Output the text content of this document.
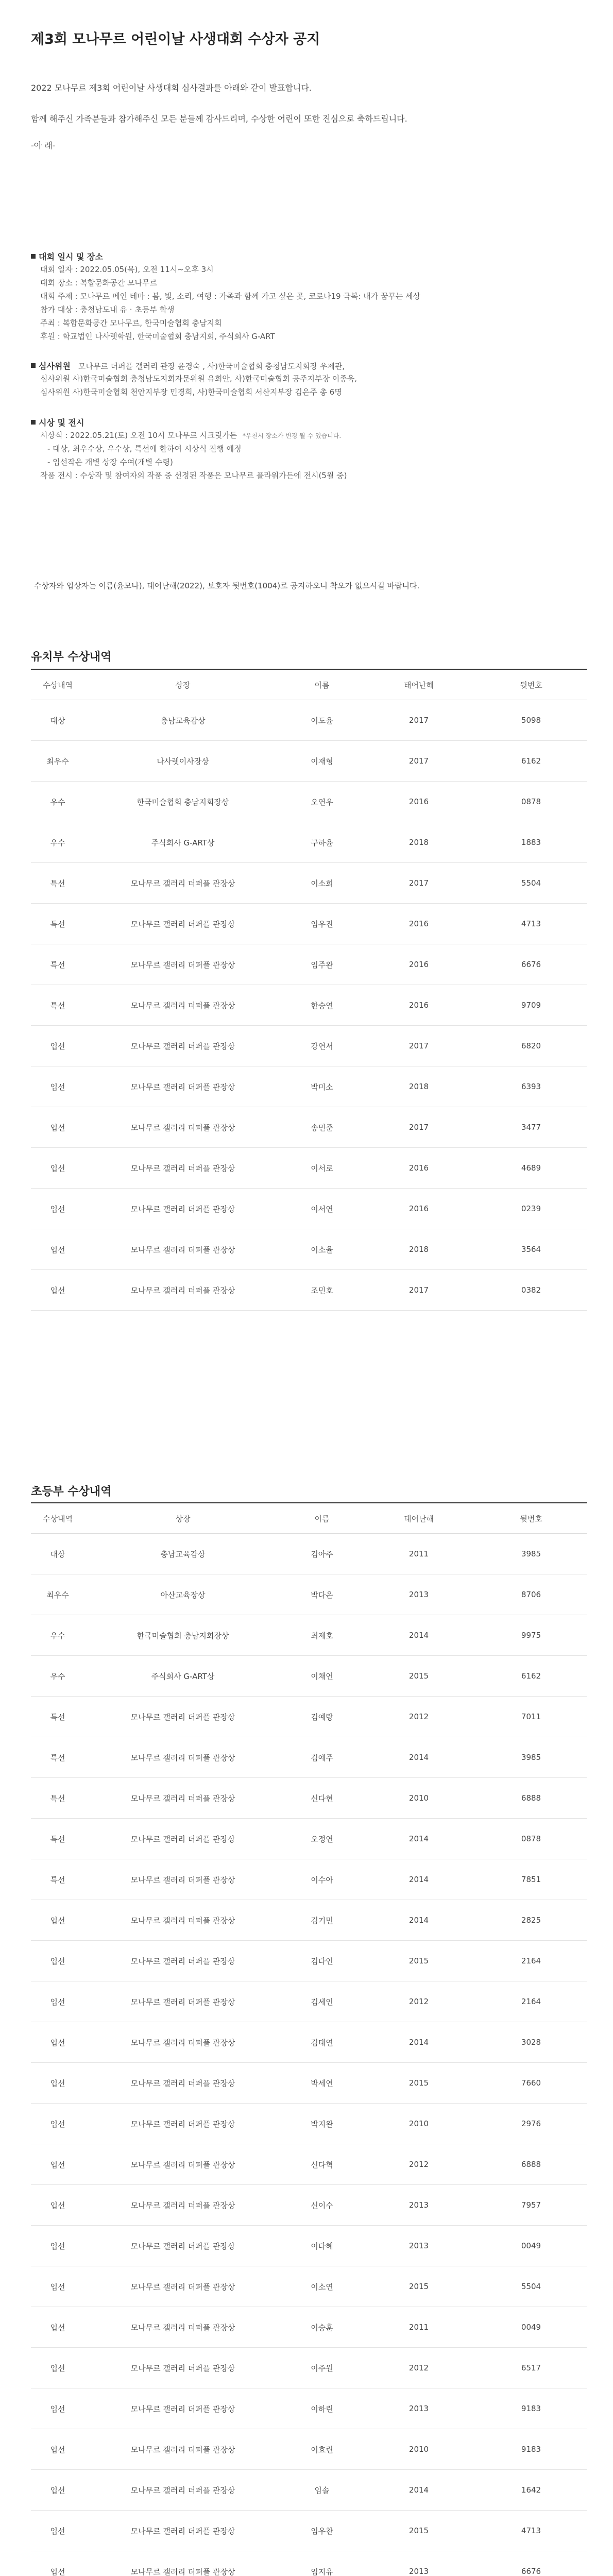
제3회 모나무르 어린이날 사생대회 수상자 공지

2022 모나무르 제3회 어린이날 사생대회 심사결과를 아래와 같이 발표합니다.

함께 해주신 가족분들과 참가해주신 모든 분들께 감사드리며, 수상한 어린이 또한 진심으로 축하드립니다.

-아 래-

대회 일시 및 장소

대회 일자 : 2022.05.05(목), 오전 11시~오후 3시

대회 장소 : 복합문화공간 모나무르

대회 주제 : 모나무르 메인 테마 : 봄, 빛, 소리, 여행 : 가족과 함께 가고 싶은 곳, 코로나19 극복: 내가 꿈꾸는 세상

참가 대상 : 충청남도내 유 · 초등부 학생

주최 : 복합문화공간 모나무르, 한국미술협회 충남지회

후원 : 학교법인 나사렛학원, 한국미술협회 충남지회, 주식회사 G-ART

심사위원 모나무르 더퍼플 갤러리 관장 윤경숙 , 사)한국미술협회 충청남도지회장 우제관,

심사위원 사)한국미술협회 충청남도지회자문위원 유희안, 사)한국미술협회 공주지부장 이종욱,

심사위원 사)한국미술협회 천안지부장 민경희, 사)한국미술협회 서산지부장 김은주 총 6명

시상 및 전시

시상식 : 2022.05.21(토) 오전 10시 모나무르 시크릿가든 *우천시 장소가 변경 될 수 있습니다.

- 대상, 최우수상, 우수상, 특선에 한하여 시상식 진행 예정

- 입선작은 개별 상장 수여(개별 수령)

작품 전시 : 수상작 및 참여자의 작품 중 선정된 작품은 모나무르 플라워가든에 전시(5월 중)

수상자와 입상자는 이름(윤모나), 태어난해(2022), 보호자 뒷번호(1004)로 공지하오니 착오가 없으시길 바랍니다.

유치부 수상내역
수상내역	상장	이름	태어난해	뒷번호
대상	충남교육감상	이도윤	2017	5098
최우수	나사렛이사장상	이재형	2017	6162
우수	한국미술협회 충남지회장상	오연우	2016	0878
우수	주식회사 G-ART상	구하윤	2018	1883
특선	모나무르 갤러리 더퍼플 관장상	이소희	2017	5504
특선	모나무르 갤러리 더퍼플 관장상	임우진	2016	4713
특선	모나무르 갤러리 더퍼플 관장상	임주완	2016	6676
특선	모나무르 갤러리 더퍼플 관장상	한승연	2016	9709
입선	모나무르 갤러리 더퍼플 관장상	강연서	2017	6820
입선	모나무르 갤러리 더퍼플 관장상	박미소	2018	6393
입선	모나무르 갤러리 더퍼플 관장상	송민준	2017	3477
입선	모나무르 갤러리 더퍼플 관장상	이서로	2016	4689
입선	모나무르 갤러리 더퍼플 관장상	이서연	2016	0239
입선	모나무르 갤러리 더퍼플 관장상	이소율	2018	3564
입선	모나무르 갤러리 더퍼플 관장상	조민호	2017	0382
초등부 수상내역
수상내역	상장	이름	태어난해	뒷번호
대상	충남교육감상	김아주	2011	3985
최우수	아산교육장상	박다은	2013	8706
우수	한국미술협회 충남지회장상	최제호	2014	9975
우수	주식회사 G-ART상	이채언	2015	6162
특선	모나무르 갤러리 더퍼플 관장상	김예랑	2012	7011
특선	모나무르 갤러리 더퍼플 관장상	김예주	2014	3985
특선	모나무르 갤러리 더퍼플 관장상	신다현	2010	6888
특선	모나무르 갤러리 더퍼플 관장상	오정연	2014	0878
특선	모나무르 갤러리 더퍼플 관장상	이수아	2014	7851
입선	모나무르 갤러리 더퍼플 관장상	김기민	2014	2825
입선	모나무르 갤러리 더퍼플 관장상	김다인	2015	2164
입선	모나무르 갤러리 더퍼플 관장상	김세인	2012	2164
입선	모나무르 갤러리 더퍼플 관장상	김태연	2014	3028
입선	모나무르 갤러리 더퍼플 관장상	박세연	2015	7660
입선	모나무르 갤러리 더퍼플 관장상	박지완	2010	2976
입선	모나무르 갤러리 더퍼플 관장상	신다혁	2012	6888
입선	모나무르 갤러리 더퍼플 관장상	신이수	2013	7957
입선	모나무르 갤러리 더퍼플 관장상	이다혜	2013	0049
입선	모나무르 갤러리 더퍼플 관장상	이소연	2015	5504
입선	모나무르 갤러리 더퍼플 관장상	이승훈	2011	0049
입선	모나무르 갤러리 더퍼플 관장상	이주원	2012	6517
입선	모나무르 갤러리 더퍼플 관장상	이하린	2013	9183
입선	모나무르 갤러리 더퍼플 관장상	이효린	2010	9183
입선	모나무르 갤러리 더퍼플 관장상	임솔	2014	1642
입선	모나무르 갤러리 더퍼플 관장상	임우찬	2015	4713
입선	모나무르 갤러리 더퍼플 관장상	임지유	2013	6676
